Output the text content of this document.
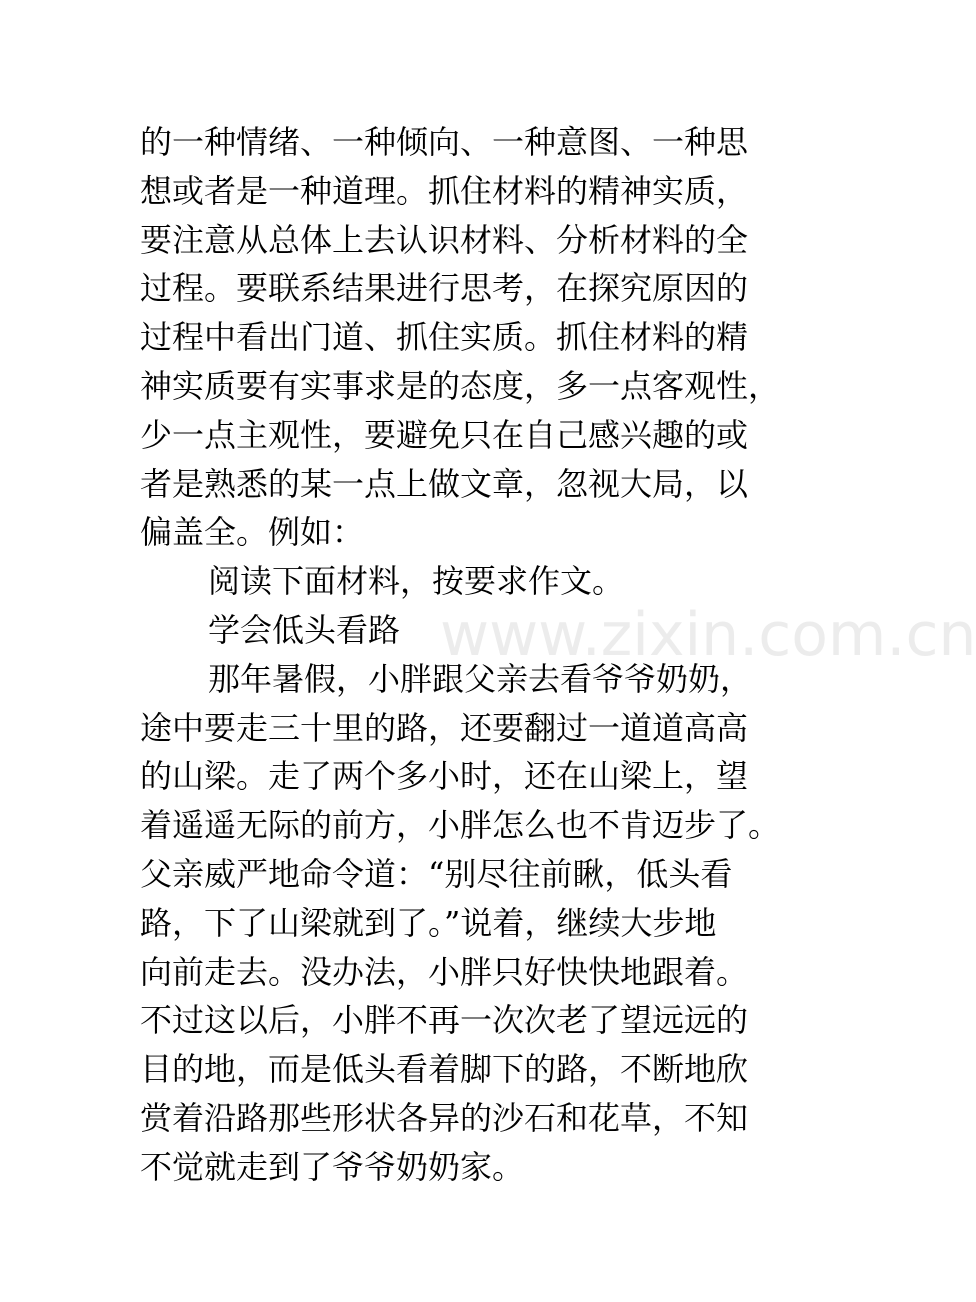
的一种情绪、一种倾向、一种意图、一种思
想或者是一种道理。抓住材料的精神实质，
要注意从总体上去认识材料、分析材料的全
过程。要联系结果进行思考，在探究原因的
过程中看出门道、抓住实质。抓住材料的精
神实质要有实事求是的态度，多一点客观性，
少一点主观性，要避免只在自己感兴趣的或
者是熟悉的某一点上做文章，忽视大局，以
偏盖全。例如：
阅读下面材料，按要求作文。
学会低头看路
那年暑假，小胖跟父亲去看爷爷奶奶，
途中要走三十里的路，还要翻过一道道高高
的山梁。走了两个多小时，还在山梁上，望
着遥遥无际的前方，小胖怎么也不肯迈步了。
父亲威严地命令道：“别尽往前瞅，低头看
路，下了山梁就到了。”说着，继续大步地
向前走去。没办法，小胖只好快快地跟着。
不过这以后，小胖不再一次次老了望远远的
目的地，而是低头看着脚下的路，不断地欣
赏着沿路那些形状各异的沙石和花草，不知
不觉就走到了爷爷奶奶家。
www.zixin.com.cn
